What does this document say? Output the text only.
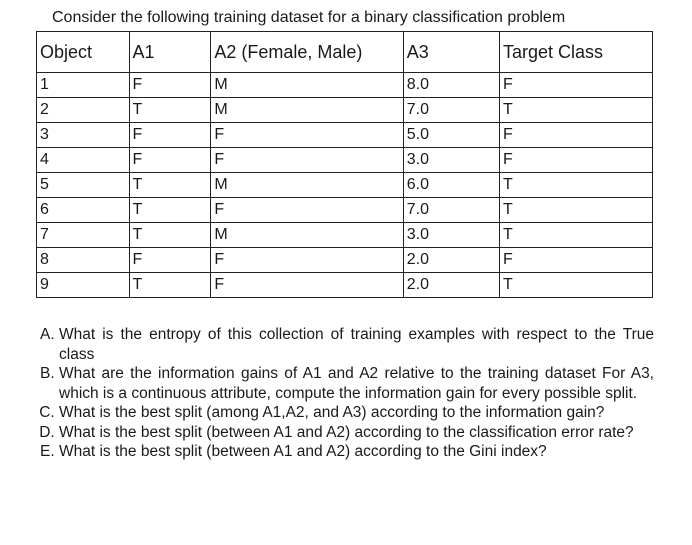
Consider the following training dataset for a binary classification problem
Object	A1	A2 (Female, Male)	A3	Target Class
1	F	M	8.0	F
2	T	M	7.0	T
3	F	F	5.0	F
4	F	F	3.0	F
5	T	M	6.0	T
6	T	F	7.0	T
7	T	M	3.0	T
8	F	F	2.0	F
9	T	F	2.0	T
A. What is the entropy of this collection of training examples with respect to the True class
B. What are the information gains of A1 and A2 relative to the training dataset For A3, which is a continuous attribute, compute the information gain for every possible split.
C. What is the best split (among A1,A2, and A3) according to the information gain?
D. What is the best split (between A1 and A2) according to the classification error rate?
E. What is the best split (between A1 and A2) according to the Gini index?
